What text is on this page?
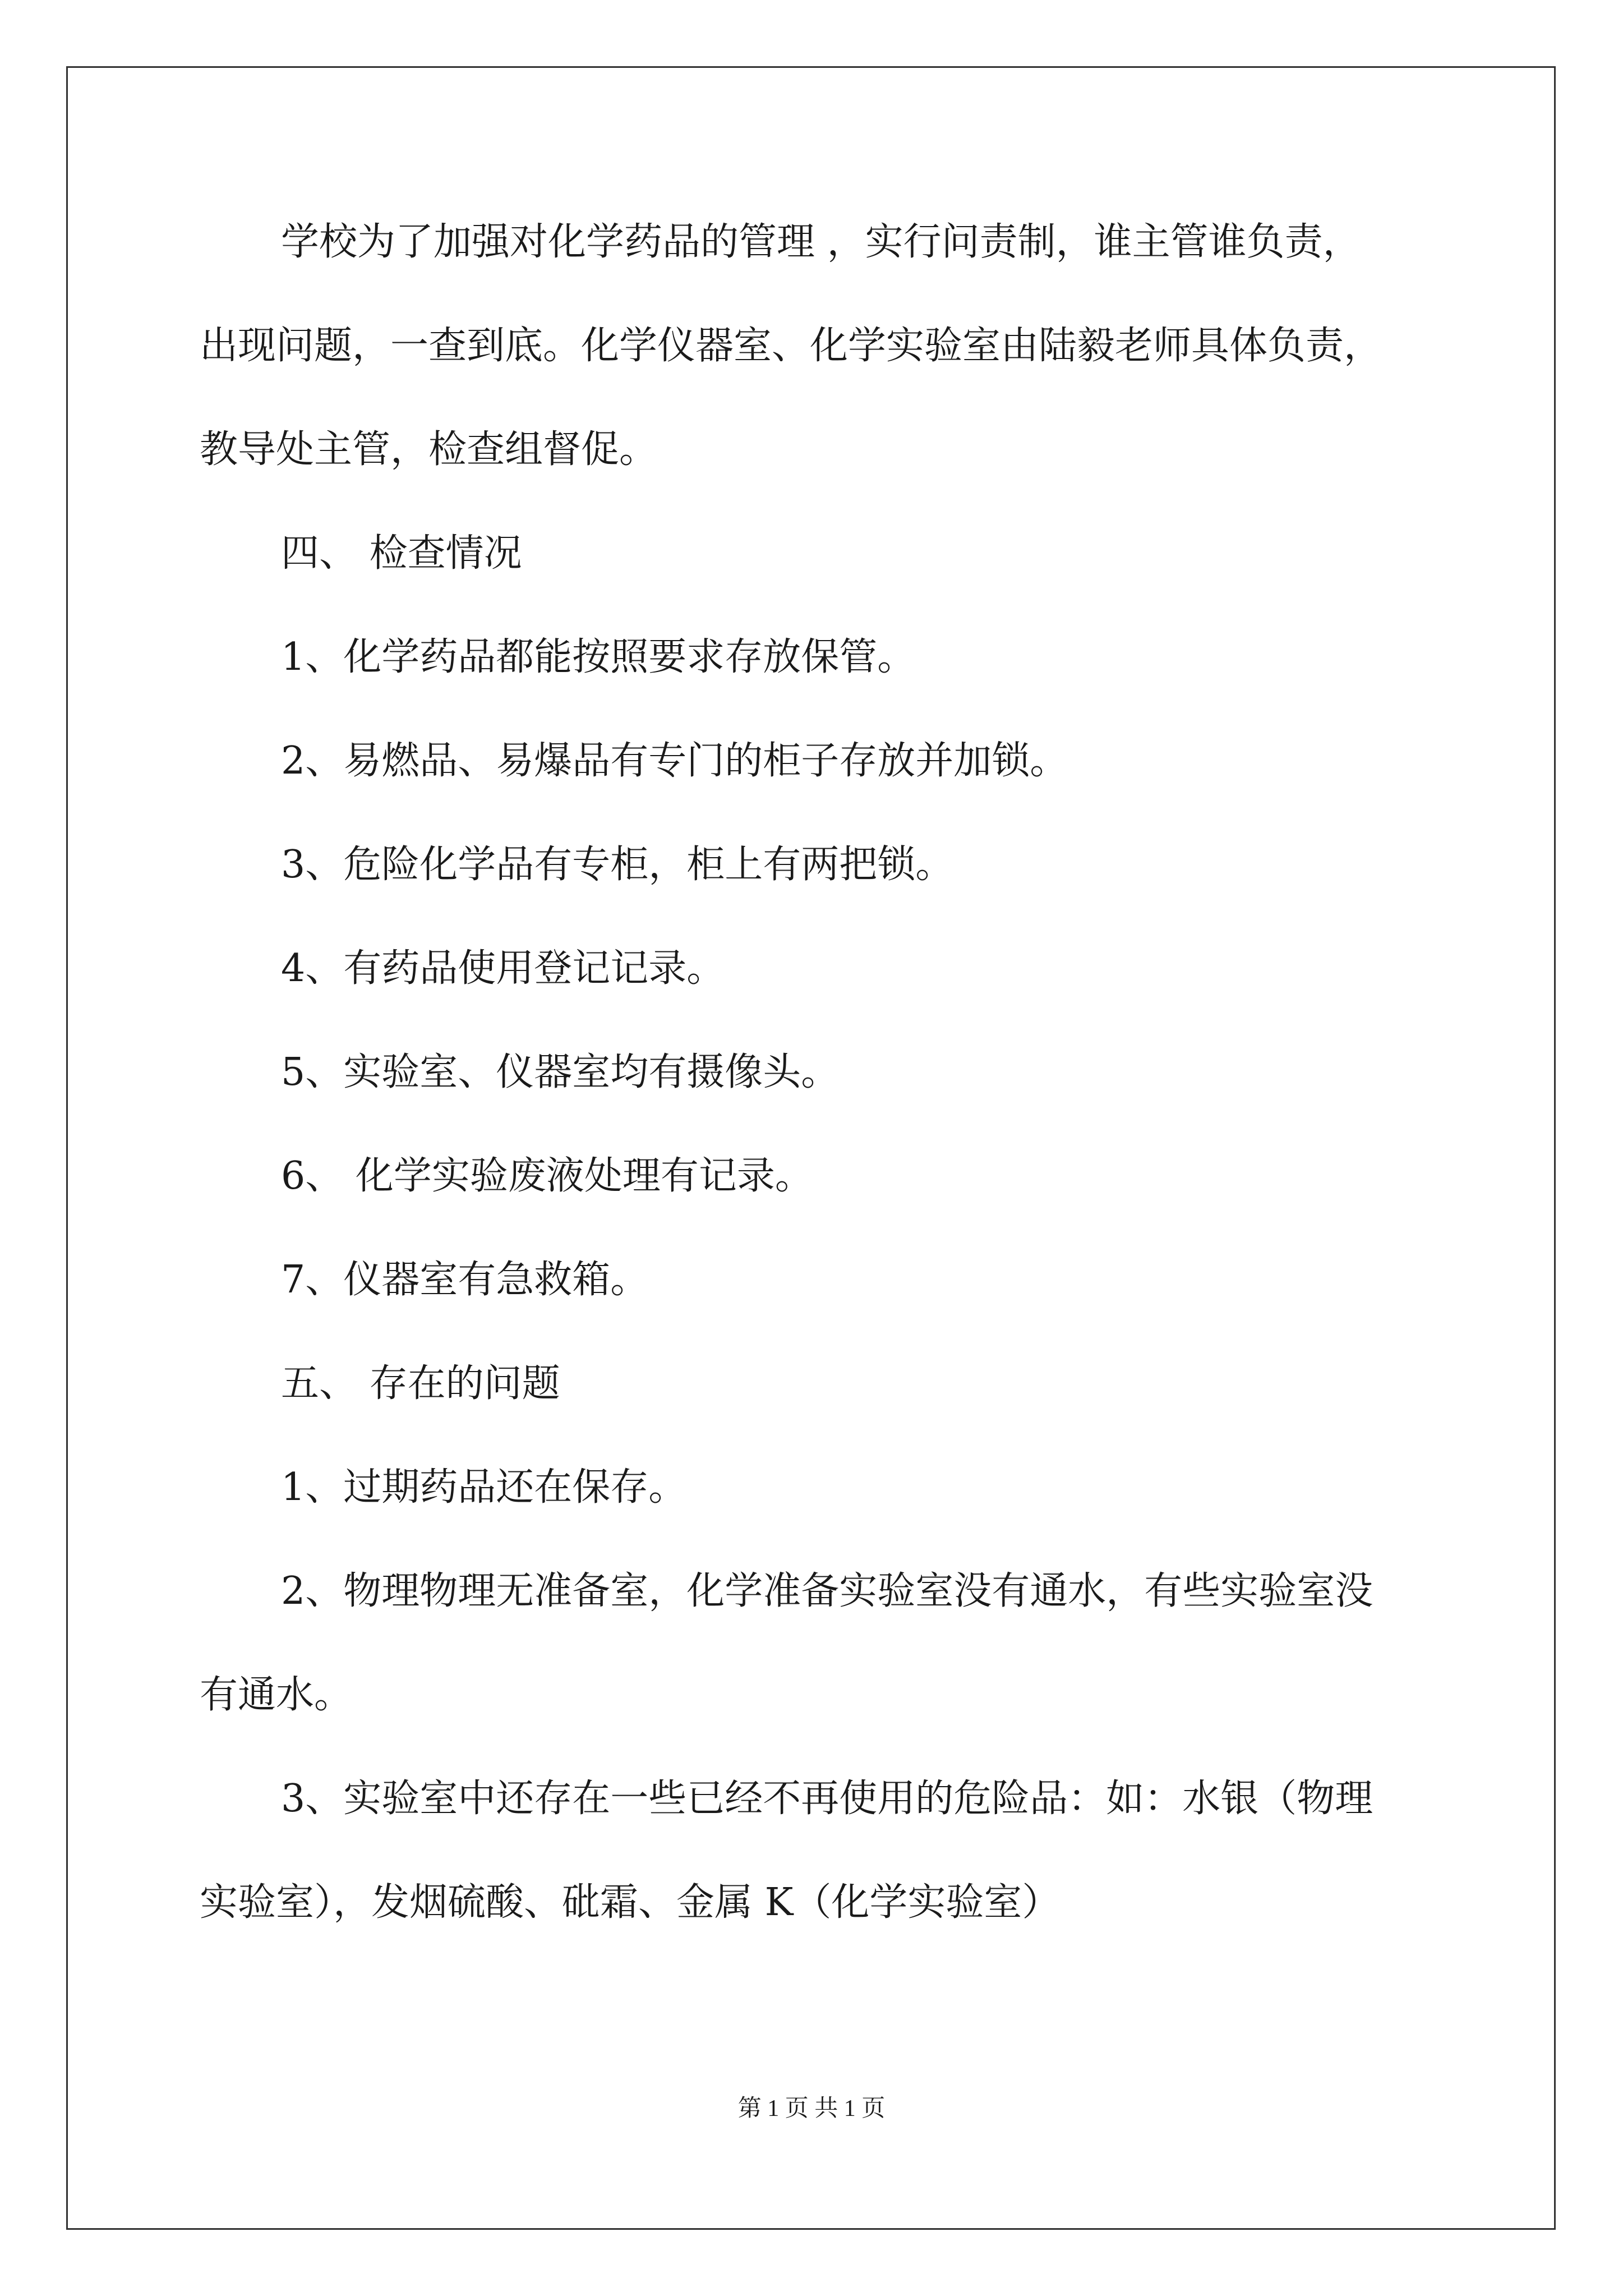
学校为了加强对化学药品的管理 ，实行问责制，谁主管谁负责，
出现问题，一查到底。化学仪器室、化学实验室由陆毅老师具体负责，
教导处主管，检查组督促。
四、 检查情况
1、化学药品都能按照要求存放保管。
2、易燃品、易爆品有专门的柜子存放并加锁。
3、危险化学品有专柜，柜上有两把锁。
4、有药品使用登记记录。
5、实验室、仪器室均有摄像头。
6、 化学实验废液处理有记录。
7、仪器室有急救箱。
五、 存在的问题
1、过期药品还在保存。
2、物理物理无准备室，化学准备实验室没有通水，有些实验室没
有通水。
3、实验室中还存在一些已经不再使用的危险品：如：水银（物理
实验室），发烟硫酸、砒霜、金属 K（化学实验室）
第 1 页 共 1 页
